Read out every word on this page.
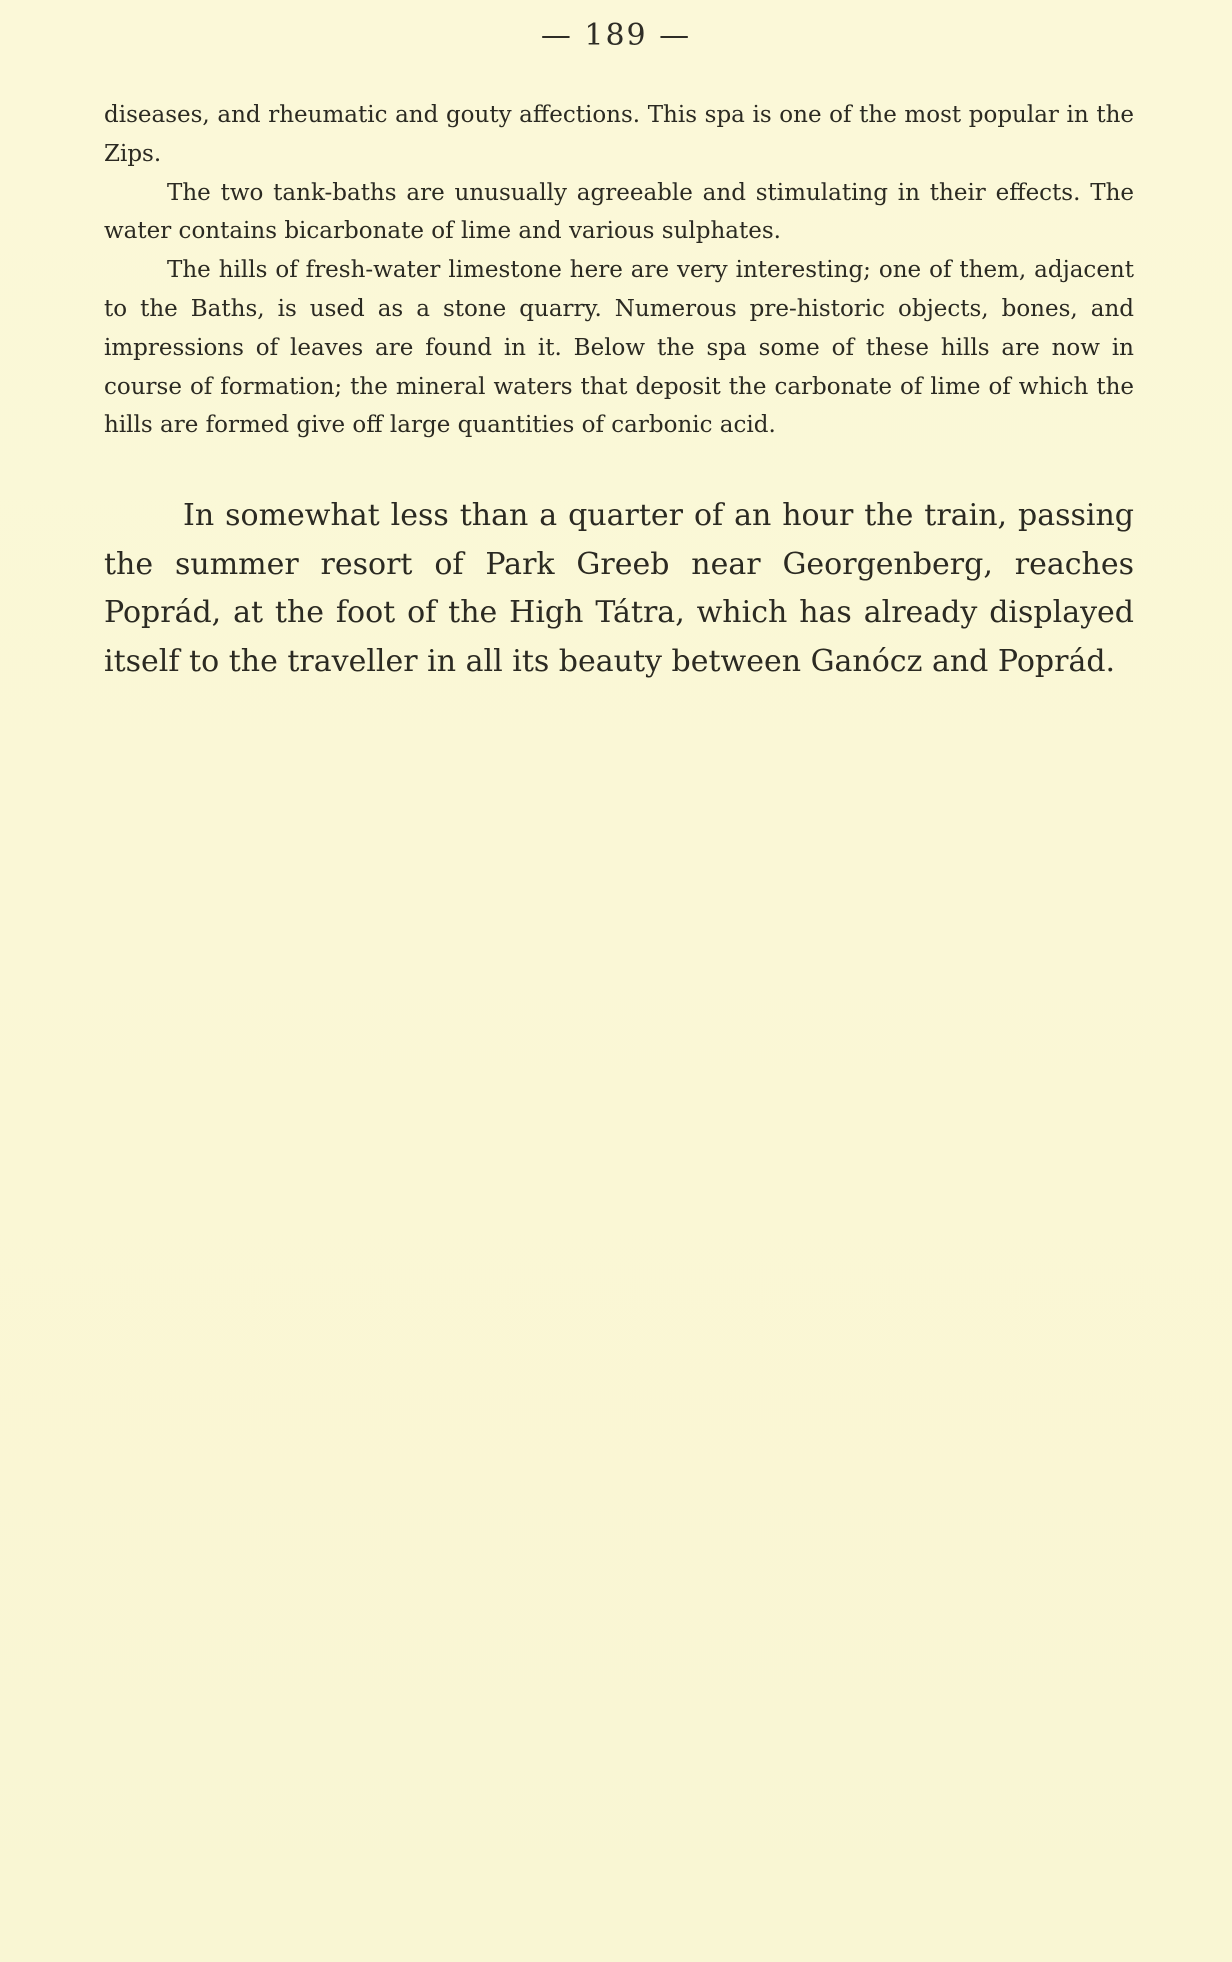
— 189 —

diseases, and rheumatic and gouty affections. This spa is one of the most popular in the Zips.

The two tank-baths are unusually agreeable and stimulating in their effects. The water contains bicarbonate of lime and various sulphates.

The hills of fresh-water limestone here are very interesting; one of them, adjacent to the Baths, is used as a stone quarry. Numerous pre-historic objects, bones, and impressions of leaves are found in it. Below the spa some of these hills are now in course of formation; the mineral waters that deposit the carbonate of lime of which the hills are formed give off large quantities of carbonic acid.

In somewhat less than a quarter of an hour the train, passing the summer resort of Park Greeb near Georgenberg, reaches Poprád, at the foot of the High Tátra, which has already displayed itself to the traveller in all its beauty between Ganócz and Poprád.
